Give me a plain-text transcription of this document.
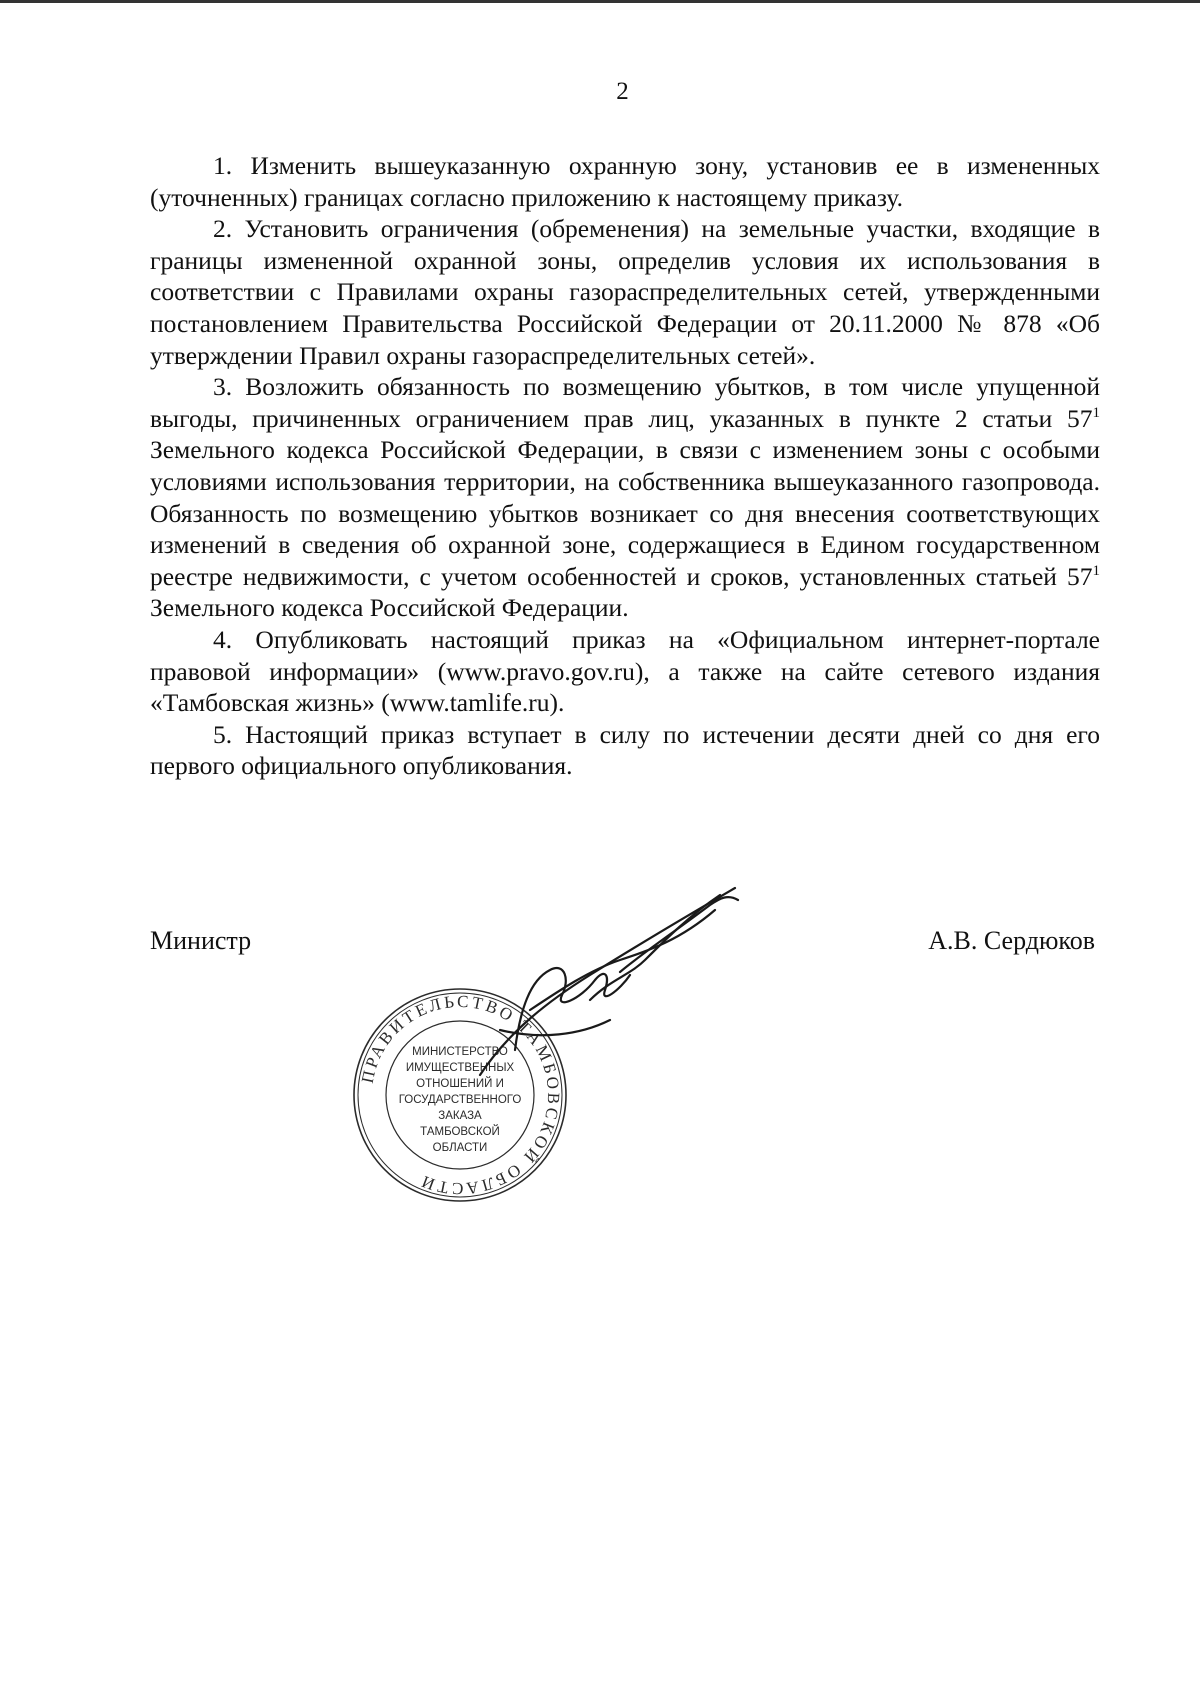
2

1. Изменить вышеуказанную охранную зону, установив ее в измененных (уточненных) границах согласно приложению к настоящему приказу.

2. Установить ограничения (обременения) на земельные участки, входящие в границы измененной охранной зоны, определив условия их использования в соответствии с Правилами охраны газораспределительных сетей, утвержденными постановлением Правительства Российской Федерации от 20.11.2000 № 878 «Об утверждении Правил охраны газораспределительных сетей».

3. Возложить обязанность по возмещению убытков, в том числе упущенной выгоды, причиненных ограничением прав лиц, указанных в пункте 2 статьи $57^1$ Земельного кодекса Российской Федерации, в связи с изменением зоны с особыми условиями использования территории, на собственника вышеуказанного газопровода. Обязанность по возмещению убытков возникает со дня внесения соответствующих изменений в сведения об охранной зоне, содержащиеся в Едином государственном реестре недвижимости, с учетом особенностей и сроков, установленных статьей $57^1$ Земельного кодекса Российской Федерации.

4. Опубликовать настоящий приказ на «Официальном интернет-портале правовой информации» (www.pravo.gov.ru), а также на сайте сетевого издания «Тамбовская жизнь» (www.tamlife.ru).

5. Настоящий приказ вступает в силу по истечении десяти дней со дня его первого официального опубликования.

Министр	А.В. Сердюков
ПРАВИТЕЛЬСТВО ТАМБОВСКОЙ ОБЛАСТИ
МИНИСТЕРСТВО
ИМУЩЕСТВЕННЫХ
ОТНОШЕНИЙ И
ГОСУДАРСТВЕННОГО
ЗАКАЗА
ТАМБОВСКОЙ
ОБЛАСТИ
